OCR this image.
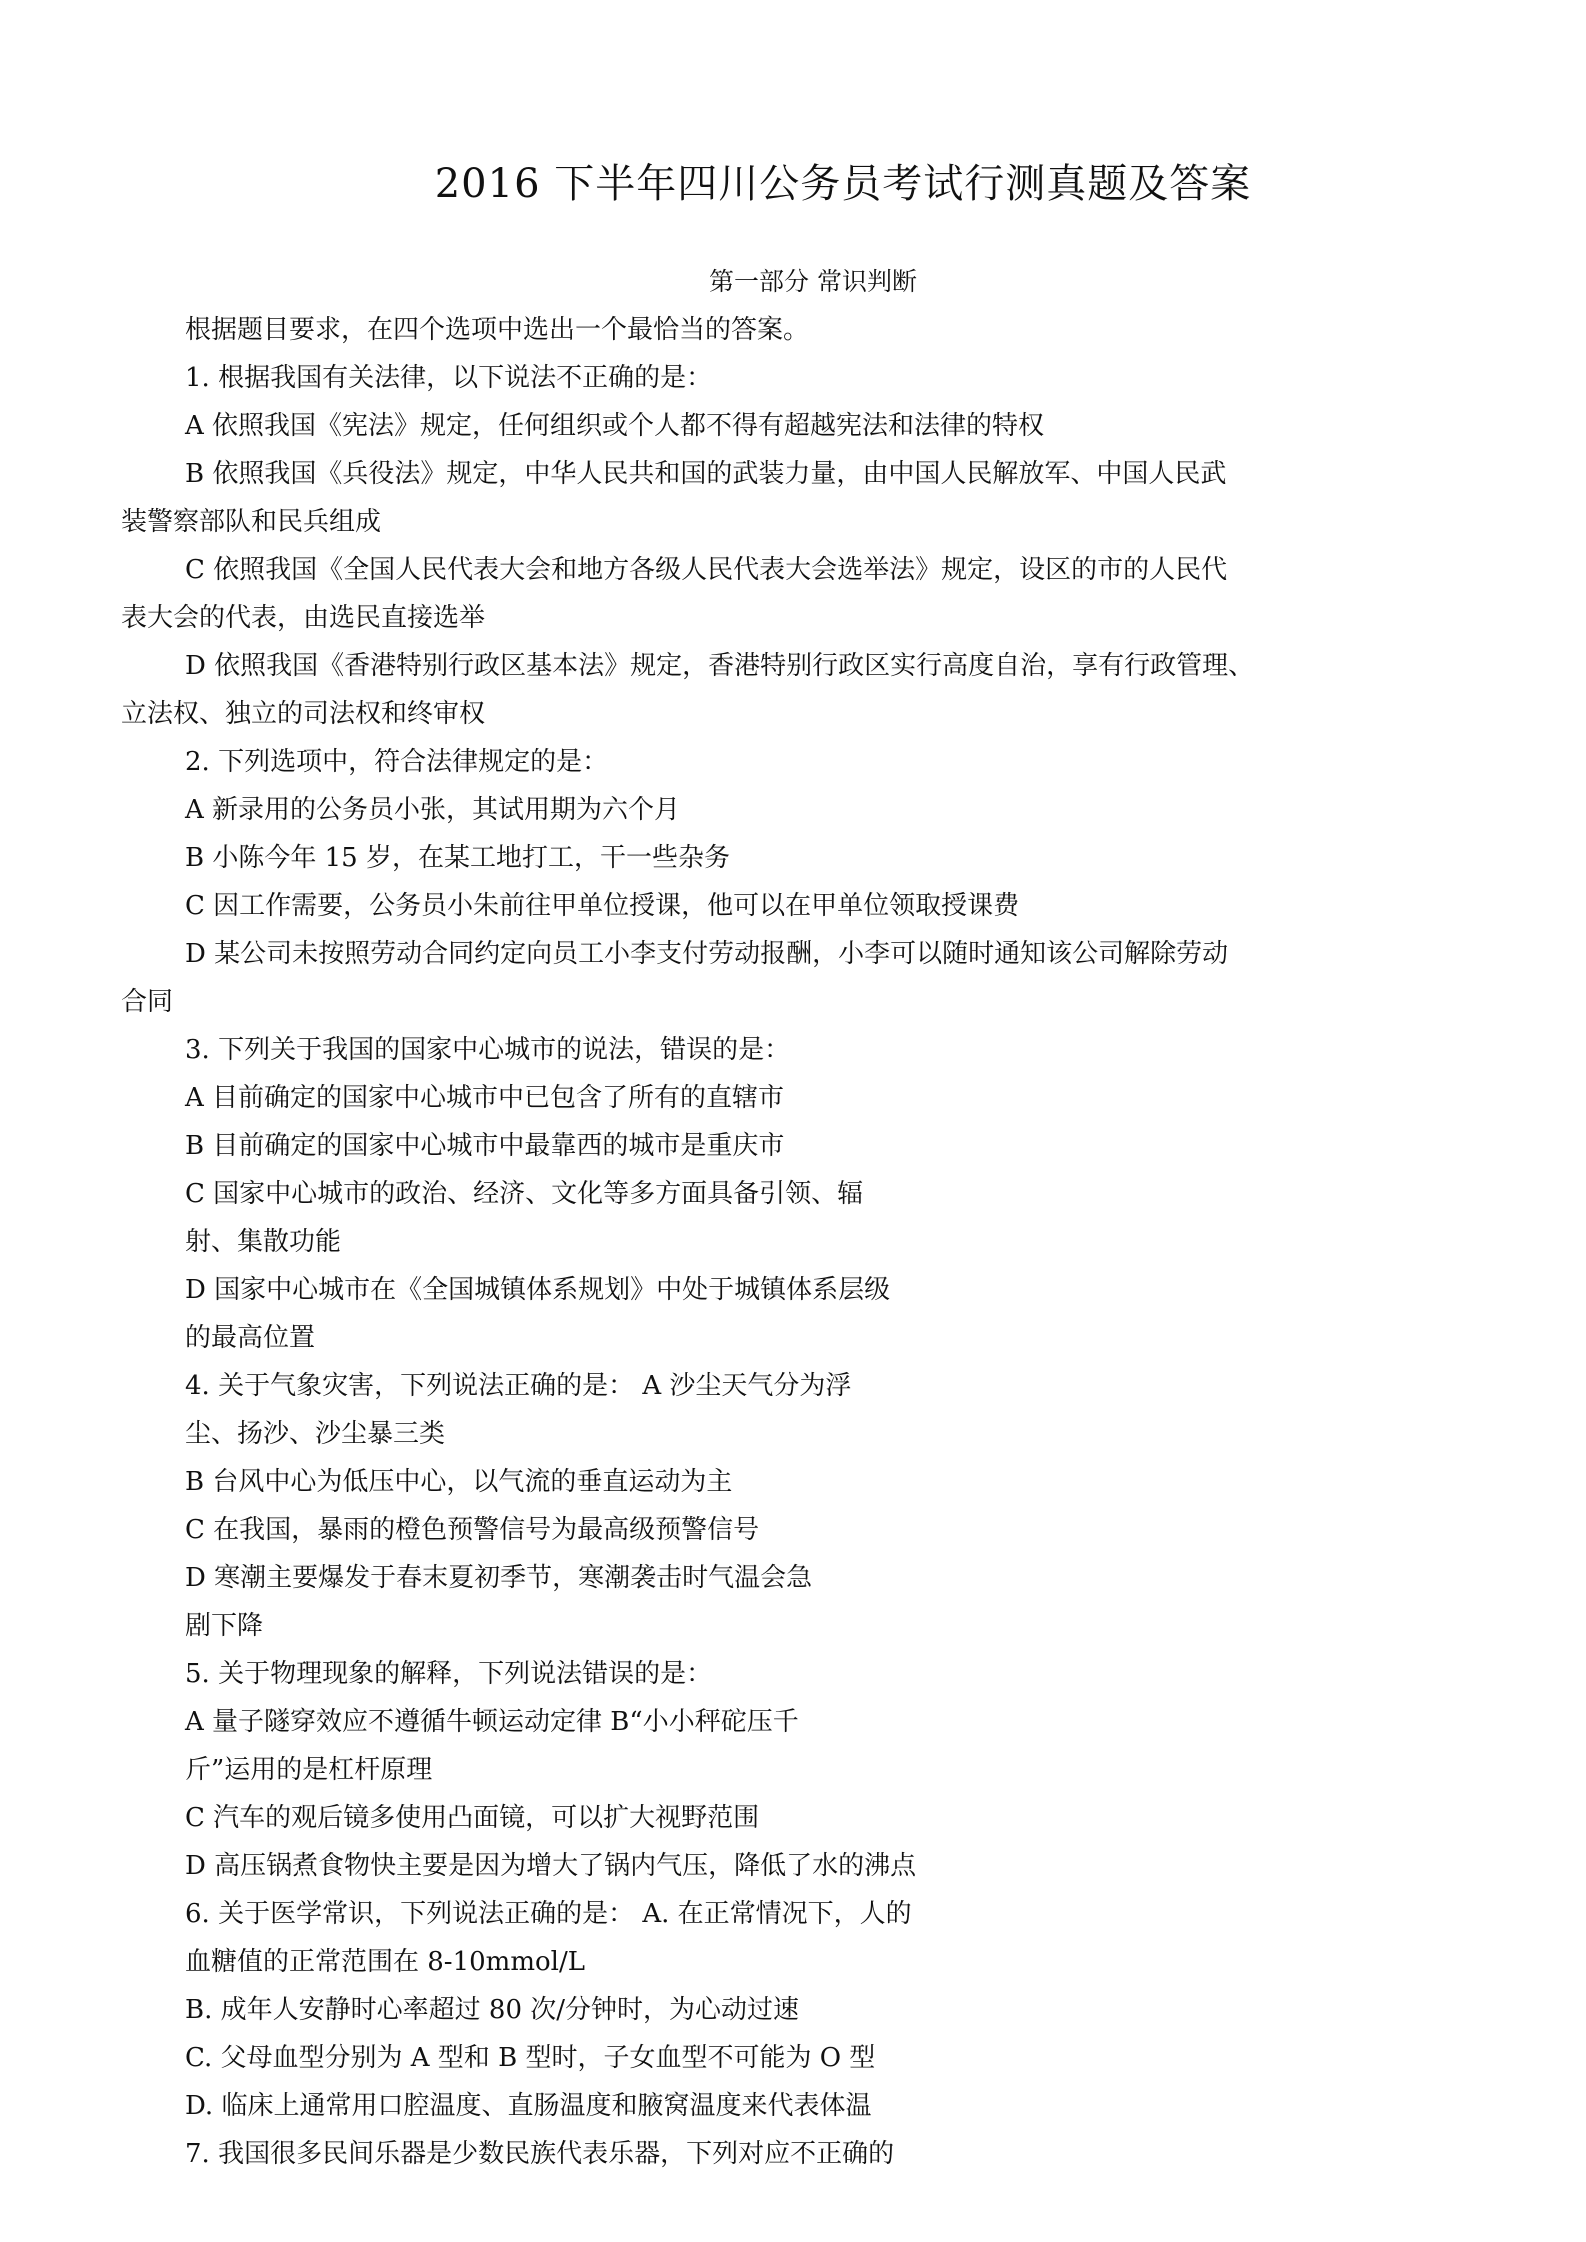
2016 下半年四川公务员考试行测真题及答案
第一部分 常识判断
根据题目要求，在四个选项中选出一个最恰当的答案。
1. 根据我国有关法律，以下说法不正确的是：
A 依照我国《宪法》规定，任何组织或个人都不得有超越宪法和法律的特权
B 依照我国《兵役法》规定，中华人民共和国的武装力量，由中国人民解放军、中国人民武
装警察部队和民兵组成
C 依照我国《全国人民代表大会和地方各级人民代表大会选举法》规定，设区的市的人民代
表大会的代表，由选民直接选举
D 依照我国《香港特别行政区基本法》规定，香港特别行政区实行高度自治，享有行政管理、
立法权、独立的司法权和终审权
2. 下列选项中，符合法律规定的是：
A 新录用的公务员小张，其试用期为六个月
B 小陈今年 15 岁，在某工地打工，干一些杂务
C 因工作需要，公务员小朱前往甲单位授课，他可以在甲单位领取授课费
D 某公司未按照劳动合同约定向员工小李支付劳动报酬，小李可以随时通知该公司解除劳动
合同
3. 下列关于我国的国家中心城市的说法，错误的是：
A 目前确定的国家中心城市中已包含了所有的直辖市
B 目前确定的国家中心城市中最靠西的城市是重庆市
C 国家中心城市的政治、经济、文化等多方面具备引领、辐
射、集散功能
D 国家中心城市在《全国城镇体系规划》中处于城镇体系层级
的最高位置
4. 关于气象灾害，下列说法正确的是： A 沙尘天气分为浮
尘、扬沙、沙尘暴三类
B 台风中心为低压中心，以气流的垂直运动为主
C 在我国，暴雨的橙色预警信号为最高级预警信号
D 寒潮主要爆发于春末夏初季节，寒潮袭击时气温会急
剧下降
5. 关于物理现象的解释，下列说法错误的是：
A 量子隧穿效应不遵循牛顿运动定律 B“小小秤砣压千
斤”运用的是杠杆原理
C 汽车的观后镜多使用凸面镜，可以扩大视野范围
D 高压锅煮食物快主要是因为增大了锅内气压，降低了水的沸点
6. 关于医学常识，下列说法正确的是： A. 在正常情况下，人的
血糖值的正常范围在 8-10mmol/L
B. 成年人安静时心率超过 80 次/分钟时，为心动过速
C. 父母血型分别为 A 型和 B 型时，子女血型不可能为 O 型
D. 临床上通常用口腔温度、直肠温度和腋窝温度来代表体温
7. 我国很多民间乐器是少数民族代表乐器，下列对应不正确的
